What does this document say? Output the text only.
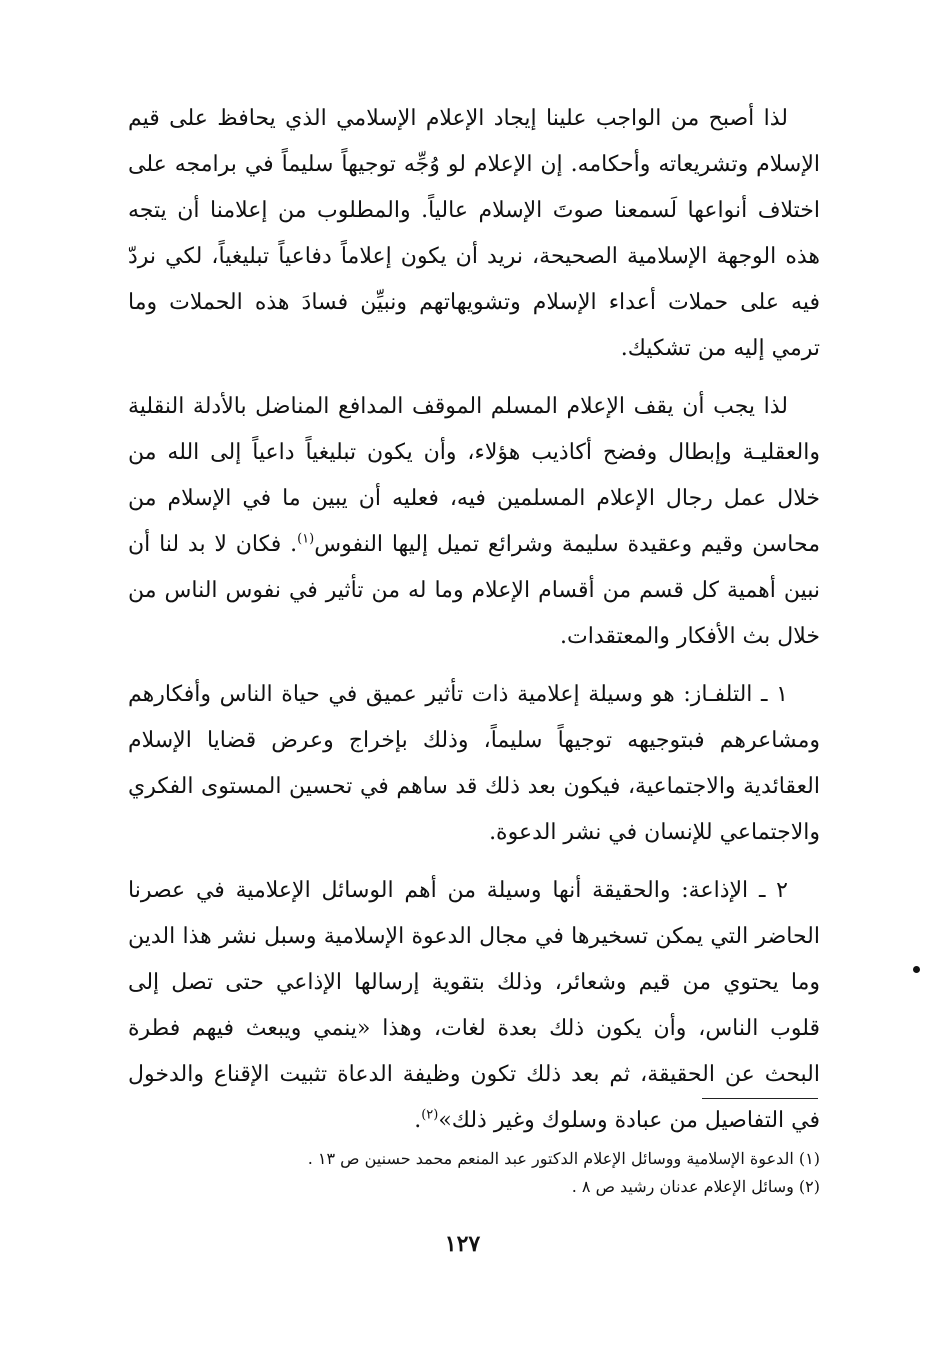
لذا أصبح من الواجب علينا إيجاد الإعلام الإسلامي الذي يحافظ على قيم الإسلام وتشريعاته وأحكامه. إن الإعلام لو وُجِّه توجيهاً سليماً في برامجه على اختلاف أنواعها لَسمعنا صوتَ الإسلام عالياً. والمطلوب من إعلامنا أن يتجه هذه الوجهة الإسلامية الصحيحة، نريد أن يكون إعلاماً دفاعياً تبليغياً، لكي نردّ فيه على حملات أعداء الإسلام وتشويهاتهم ونبيِّن فسادَ هذه الحملات وما ترمي إليه من تشكيك.

لذا يجب أن يقف الإعلام المسلم الموقف المدافع المناضل بالأدلة النقلية والعقليـة وإبطال وفضح أكاذيب هؤلاء، وأن يكون تبليغياً داعياً إلى الله من خلال عمل رجال الإعلام المسلمين فيه، فعليه أن يبين ما في الإسلام من محاسن وقيم وعقيدة سليمة وشرائع تميل إليها النفوس$^{(١)}$. فكان لا بد لنا أن نبين أهمية كل قسم من أقسام الإعلام وما له من تأثير في نفوس الناس من خلال بث الأفكار والمعتقدات.

١ ـ التلفـاز: هو وسيلة إعلامية ذات تأثير عميق في حياة الناس وأفكارهم ومشاعرهم فبتوجيهه توجيهاً سليماً، وذلك بإخراج وعرض قضايا الإسلام العقائدية والاجتماعية، فيكون بعد ذلك قد ساهم في تحسين المستوى الفكري والاجتماعي للإنسان في نشر الدعوة.

٢ ـ الإذاعة: والحقيقة أنها وسيلة من أهم الوسائل الإعلامية في عصرنا الحاضر التي يمكن تسخيرها في مجال الدعوة الإسلامية وسبل نشر هذا الدين وما يحتوي من قيم وشعائر، وذلك بتقوية إرسالها الإذاعي حتى تصل إلى قلوب الناس، وأن يكون ذلك بعدة لغات، وهذا «ينمي ويبعث فيهم فطرة البحث عن الحقيقة، ثم بعد ذلك تكون وظيفة الدعاة تثبيت الإقناع والدخول في التفاصيل من عبادة وسلوك وغير ذلك»$^{(٢)}$.

(١) الدعوة الإسلامية ووسائل الإعلام الدكتور عبد المنعم محمد حسنين ص ١٣ .

(٢) وسائل الإعلام عدنان رشيد ص ٨ .

١٢٧
